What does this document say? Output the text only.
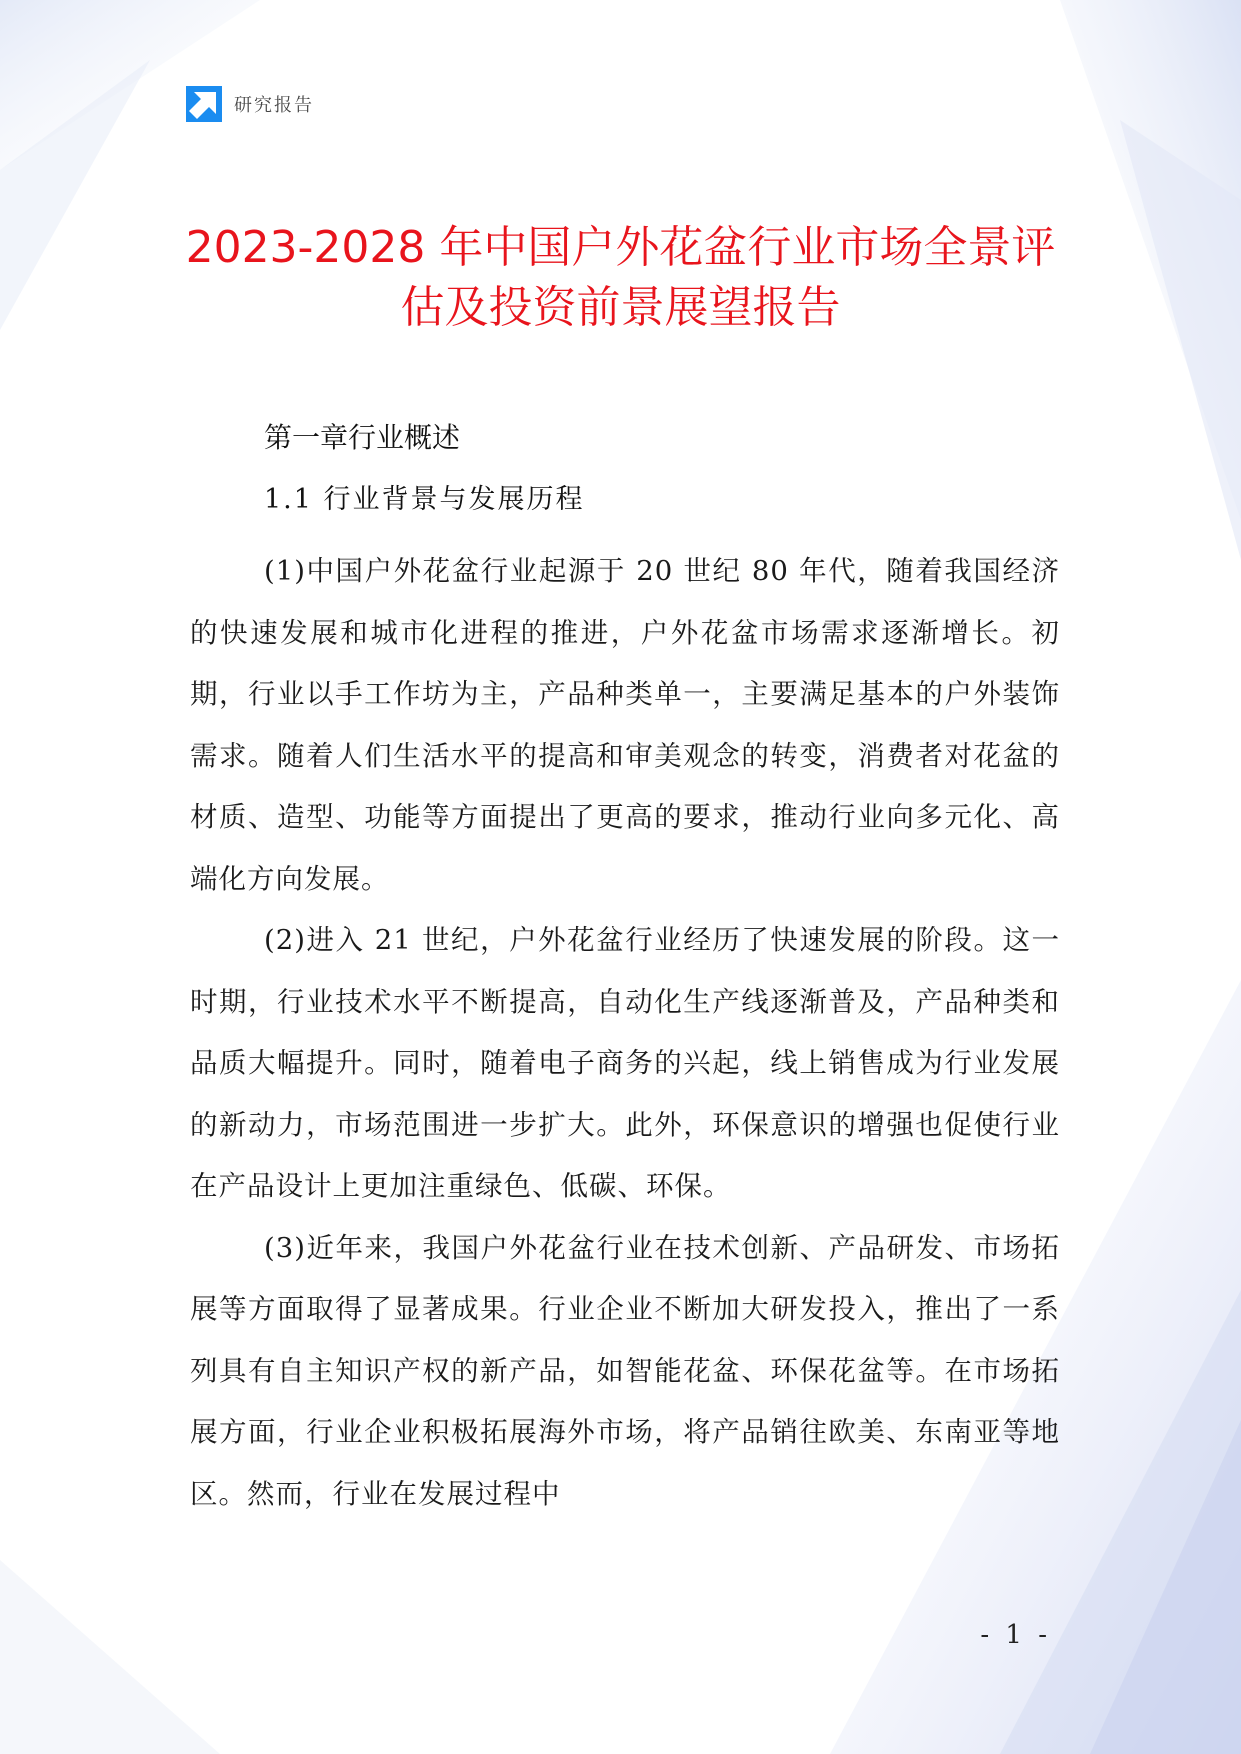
研究报告
2023-2028 年中国户外花盆行业市场全景评
估及投资前景展望报告
第一章行业概述
1.1 行业背景与发展历程

(1)中国户外花盆行业起源于 20 世纪 80 年代，随着我国经济的快速发展和城市化进程的推进，户外花盆市场需求逐渐增长。初期，行业以手工作坊为主，产品种类单一，主要满足基本的户外装饰需求。随着人们生活水平的提高和审美观念的转变，消费者对花盆的材质、造型、功能等方面提出了更高的要求，推动行业向多元化、高端化方向发展。

(2)进入 21 世纪，户外花盆行业经历了快速发展的阶段。这一时期，行业技术水平不断提高，自动化生产线逐渐普及，产品种类和品质大幅提升。同时，随着电子商务的兴起，线上销售成为行业发展的新动力，市场范围进一步扩大。此外，环保意识的增强也促使行业在产品设计上更加注重绿色、低碳、环保。

(3)近年来，我国户外花盆行业在技术创新、产品研发、市场拓展等方面取得了显著成果。行业企业不断加大研发投入，推出了一系列具有自主知识产权的新产品，如智能花盆、环保花盆等。在市场拓展方面，行业企业积极拓展海外市场，将产品销往欧美、东南亚等地区。然而，行业在发展过程中

- 1 -
